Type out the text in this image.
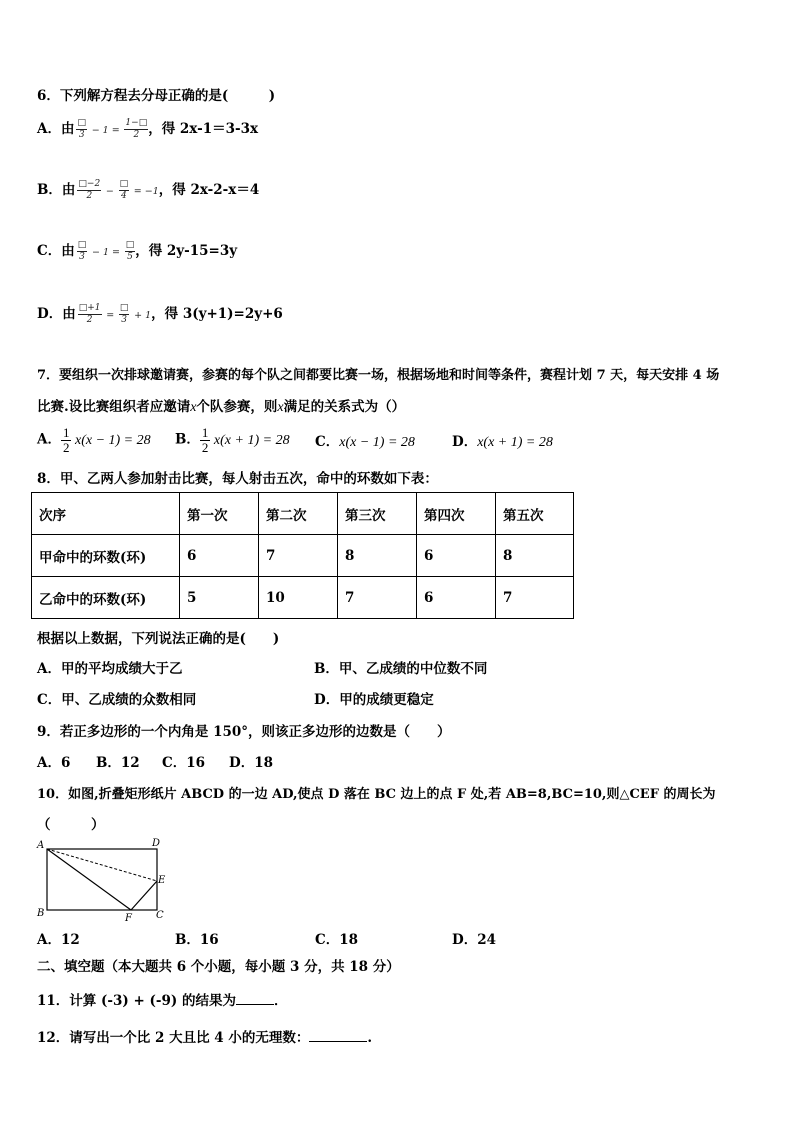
6．下列解方程去分母正确的是(　　　)
A．由 $\frac{□}{3} - 1 = \frac{1-□}{2}$ ，得 2x-1＝3-3x
B．由 $\frac{□-2}{2} - \frac{□}{4} = -1$，得 2x-2-x＝4
C．由 $\frac{□}{3} - 1 = \frac{□}{5}$ ，得 2y-15=3y
D．由 $\frac{□+1}{2} = \frac{□}{3} + 1$，得 3(y+1)=2y+6
7．要组织一次排球邀请赛，参赛的每个队之间都要比赛一场，根据场地和时间等条件，赛程计划 7 天，每天安排 4 场
比赛.设比赛组织者应邀请x个队参赛，则x满足的关系式为（）
A． $\frac{1}{2} x(x - 1) = 28$ B． $\frac{1}{2} x(x + 1) = 28$ C．x(x − 1) = 28	D．x(x + 1) = 28
8．甲、乙两人参加射击比赛，每人射击五次，命中的环数如下表：
次序	第一次	第二次	第三次	第四次	第五次
甲命中的环数(环)	6	7	8	6	8
乙命中的环数(环)	5	10	7	6	7
根据以上数据，下列说法正确的是(　　)
A．甲的平均成绩大于乙	B．甲、乙成绩的中位数不同
C．甲、乙成绩的众数相同	D．甲的成绩更稳定
9．若正多边形的一个内角是 150°，则该正多边形的边数是（　　）
A．6 B．12 C．16 D．18
10．如图,折叠矩形纸片 ABCD 的一边 AD,使点 D 落在 BC 边上的点 F 处,若 AB=8,BC=10,则△CEF 的周长为
（　　　）
A	D
E
B	F C
A．12	B．16	C．18	D．24
二、填空题（本大题共 6 个小题，每小题 3 分，共 18 分）
11．计算 (-3) + (-9) 的结果为	．
12．请写出一个比 2 大且比 4 小的无理数：	.
